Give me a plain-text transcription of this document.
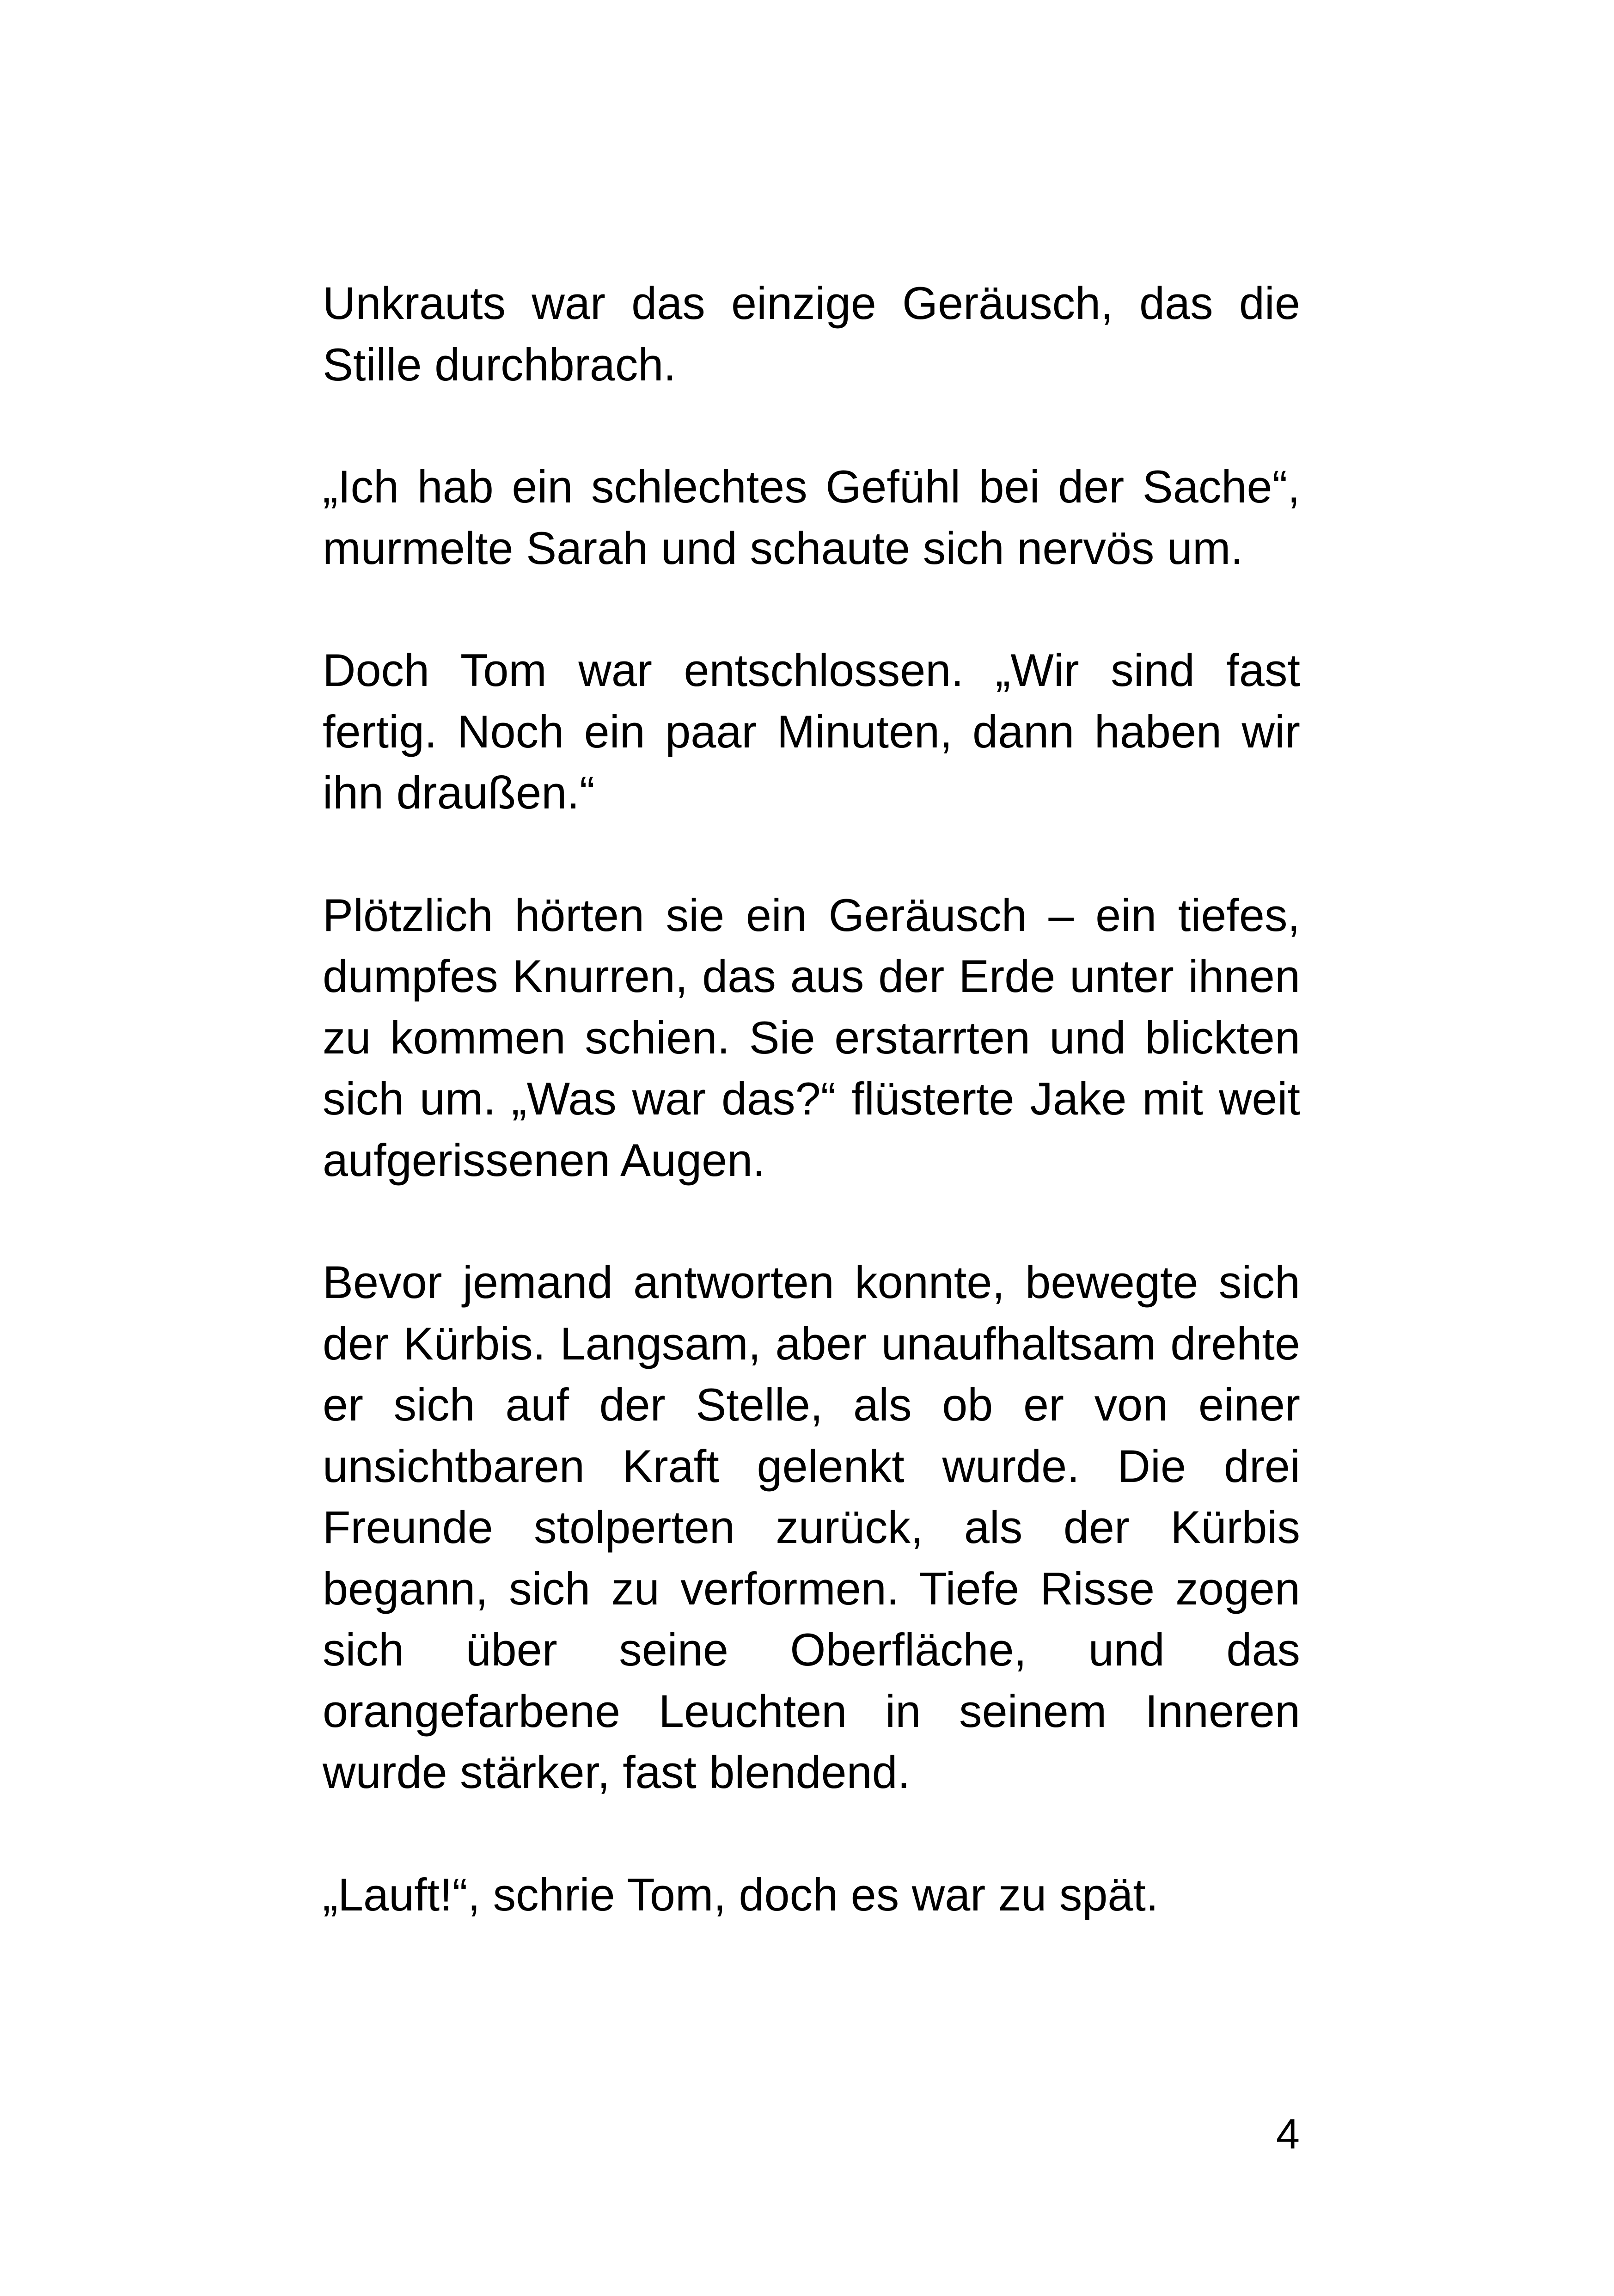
Unkrauts war das einzige Geräusch, das die Stille durchbrach.

„Ich hab ein schlechtes Gefühl bei der Sache“, murmelte Sarah und schaute sich nervös um.

Doch Tom war entschlossen. „Wir sind fast fertig. Noch ein paar Minuten, dann haben wir ihn draußen.“

Plötzlich hörten sie ein Geräusch – ein tiefes, dumpfes Knurren, das aus der Erde unter ihnen zu kommen schien. Sie erstarrten und blickten sich um. „Was war das?“ flüsterte Jake mit weit aufgerissenen Augen.

Bevor jemand antworten konnte, bewegte sich der Kürbis. Langsam, aber unaufhaltsam drehte er sich auf der Stelle, als ob er von einer unsichtbaren Kraft gelenkt wurde. Die drei Freunde stolperten zurück, als der Kürbis begann, sich zu verformen. Tiefe Risse zogen sich über seine Oberfläche, und das orangefarbene Leuchten in seinem Inneren wurde stärker, fast blendend.

„Lauft!“, schrie Tom, doch es war zu spät.

4
